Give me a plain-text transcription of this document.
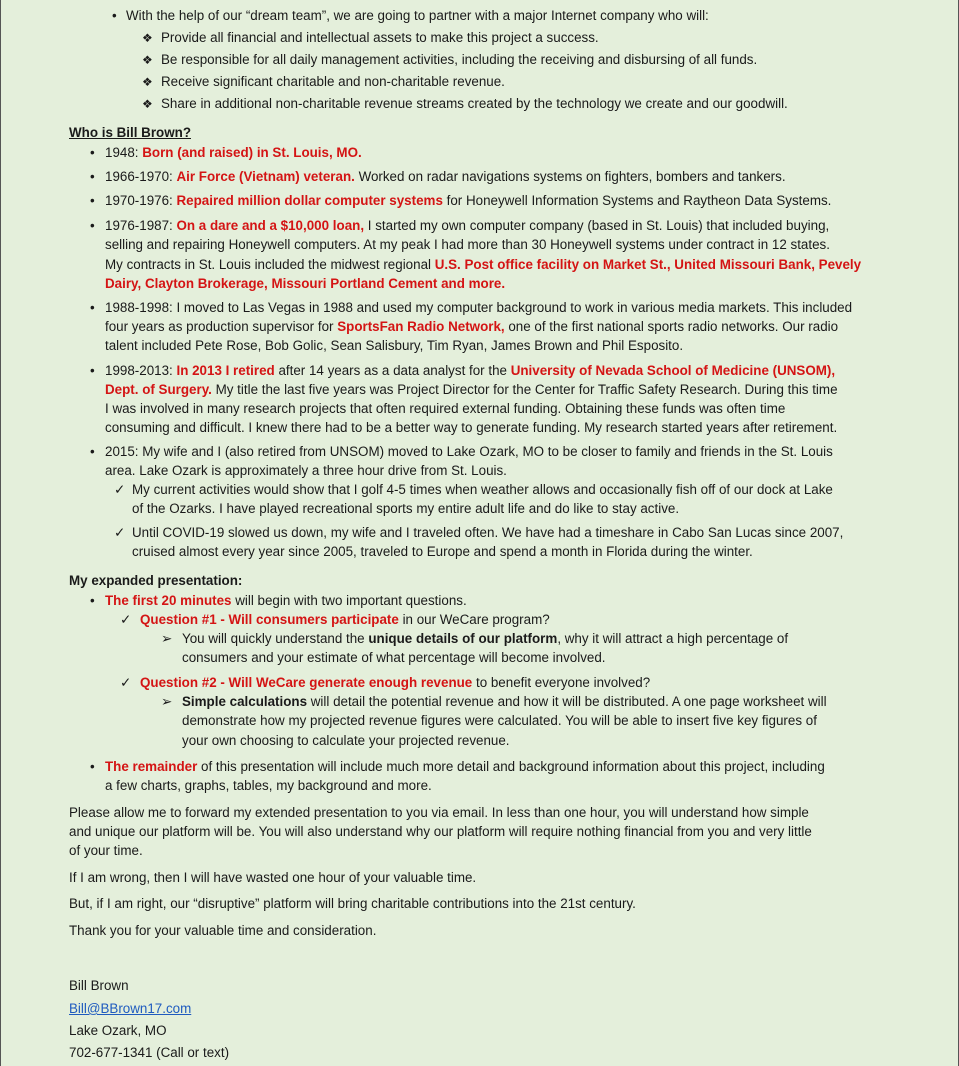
• With the help of our “dream team”, we are going to partner with a major Internet company who will:
❖ Provide all financial and intellectual assets to make this project a success.
❖ Be responsible for all daily management activities, including the receiving and disbursing of all funds.
❖ Receive significant charitable and non-charitable revenue.
❖ Share in additional non-charitable revenue streams created by the technology we create and our goodwill.
Who is Bill Brown?
• 1948: Born (and raised) in St. Louis, MO.
• 1966-1970: Air Force (Vietnam) veteran. Worked on radar navigations systems on fighters, bombers and tankers.
• 1970-1976: Repaired million dollar computer systems for Honeywell Information Systems and Raytheon Data Systems.
• 1976-1987: On a dare and a $10,000 loan, I started my own computer company (based in St. Louis) that included buying,
selling and repairing Honeywell computers. At my peak I had more than 30 Honeywell systems under contract in 12 states.
My contracts in St. Louis included the midwest regional U.S. Post office facility on Market St., United Missouri Bank, Pevely
Dairy, Clayton Brokerage, Missouri Portland Cement and more.
• 1988-1998: I moved to Las Vegas in 1988 and used my computer background to work in various media markets. This included
four years as production supervisor for SportsFan Radio Network, one of the first national sports radio networks. Our radio
talent included Pete Rose, Bob Golic, Sean Salisbury, Tim Ryan, James Brown and Phil Esposito.
• 1998-2013: In 2013 I retired after 14 years as a data analyst for the University of Nevada School of Medicine (UNSOM),
Dept. of Surgery. My title the last five years was Project Director for the Center for Traffic Safety Research. During this time
I was involved in many research projects that often required external funding. Obtaining these funds was often time
consuming and difficult. I knew there had to be a better way to generate funding. My research started years after retirement.
• 2015: My wife and I (also retired from UNSOM) moved to Lake Ozark, MO to be closer to family and friends in the St. Louis
area. Lake Ozark is approximately a three hour drive from St. Louis.
✓ My current activities would show that I golf 4-5 times when weather allows and occasionally fish off of our dock at Lake
of the Ozarks. I have played recreational sports my entire adult life and do like to stay active.
✓ Until COVID-19 slowed us down, my wife and I traveled often. We have had a timeshare in Cabo San Lucas since 2007,
cruised almost every year since 2005, traveled to Europe and spend a month in Florida during the winter.
My expanded presentation:
• The first 20 minutes will begin with two important questions.
✓ Question #1 - Will consumers participate in our WeCare program?
➢ You will quickly understand the unique details of our platform, why it will attract a high percentage of
consumers and your estimate of what percentage will become involved.
✓ Question #2 - Will WeCare generate enough revenue to benefit everyone involved?
➢ Simple calculations will detail the potential revenue and how it will be distributed. A one page worksheet will
demonstrate how my projected revenue figures were calculated. You will be able to insert five key figures of
your own choosing to calculate your projected revenue.
• The remainder of this presentation will include much more detail and background information about this project, including
a few charts, graphs, tables, my background and more.
Please allow me to forward my extended presentation to you via email. In less than one hour, you will understand how simple
and unique our platform will be. You will also understand why our platform will require nothing financial from you and very little
of your time.
If I am wrong, then I will have wasted one hour of your valuable time.
But, if I am right, our “disruptive” platform will bring charitable contributions into the 21st century.
Thank you for your valuable time and consideration.
Bill Brown
Bill@BBrown17.com
Lake Ozark, MO
702-677-1341 (Call or text)
